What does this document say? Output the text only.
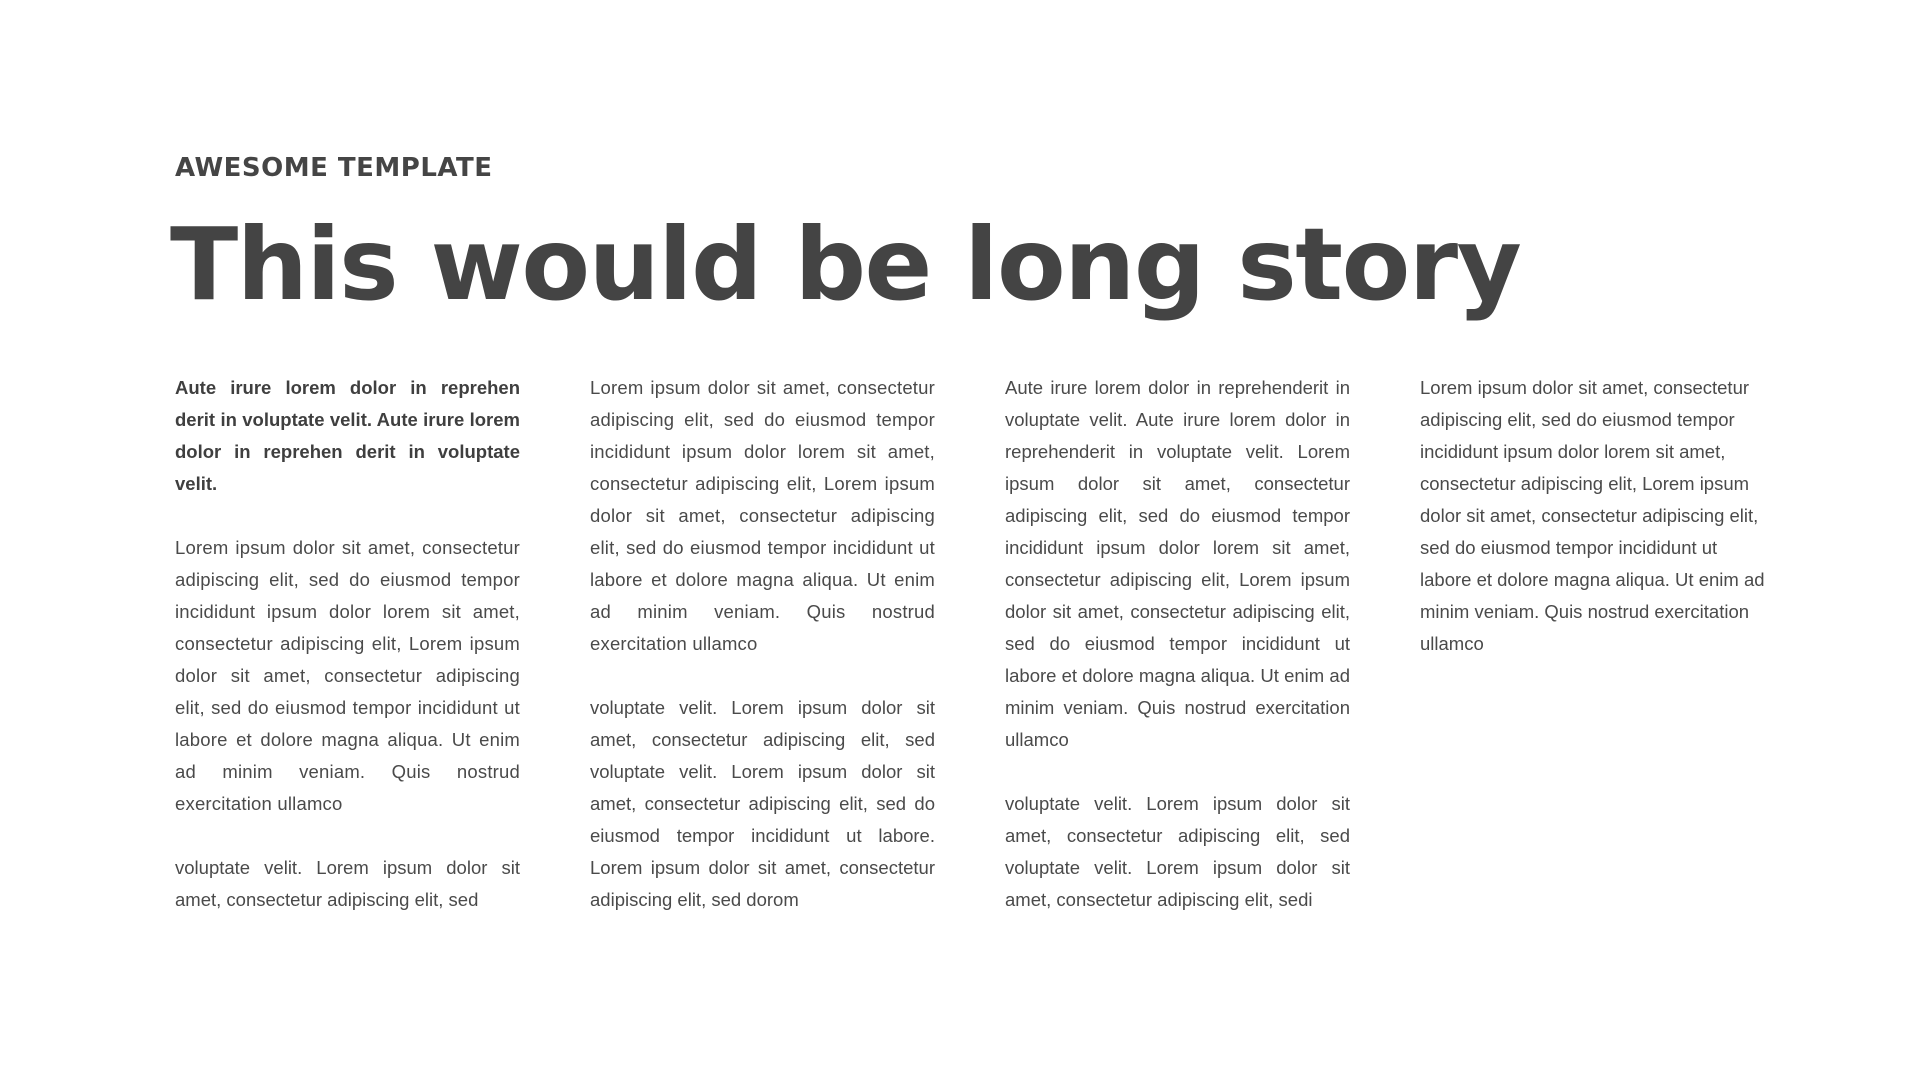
AWESOME TEMPLATE
This would be long story

Aute irure lorem dolor in reprehen derit in voluptate velit. Aute irure lorem dolor in reprehen derit in voluptate velit.

Lorem ipsum dolor sit amet, consectetur adipiscing elit, sed do eiusmod tempor incididunt ipsum dolor lorem sit amet, consectetur adipiscing elit, Lorem ipsum dolor sit amet, consectetur adipiscing elit, sed do eiusmod tempor incididunt ut labore et dolore magna aliqua. Ut enim ad minim veniam. Quis nostrud exercitation ullamco

voluptate velit. Lorem ipsum dolor sit amet, consectetur adipiscing elit, sed

Lorem ipsum dolor sit amet, consectetur adipiscing elit, sed do eiusmod tempor incididunt ipsum dolor lorem sit amet, consectetur adipiscing elit, Lorem ipsum dolor sit amet, consectetur adipiscing elit, sed do eiusmod tempor incididunt ut labore et dolore magna aliqua. Ut enim ad minim veniam. Quis nostrud exercitation ullamco

voluptate velit. Lorem ipsum dolor sit amet, consectetur adipiscing elit, sed voluptate velit. Lorem ipsum dolor sit amet, consectetur adipiscing elit, sed do eiusmod tempor incididunt ut labore. Lorem ipsum dolor sit amet, consectetur adipiscing elit, sed dorom

Aute irure lorem dolor in reprehenderit in voluptate velit. Aute irure lorem dolor in reprehenderit in voluptate velit. Lorem ipsum dolor sit amet, consectetur adipiscing elit, sed do eiusmod tempor incididunt ipsum dolor lorem sit amet, consectetur adipiscing elit, Lorem ipsum dolor sit amet, consectetur adipiscing elit, sed do eiusmod tempor incididunt ut labore et dolore magna aliqua. Ut enim ad minim veniam. Quis nostrud exercitation ullamco

voluptate velit. Lorem ipsum dolor sit amet, consectetur adipiscing elit, sed voluptate velit. Lorem ipsum dolor sit amet, consectetur adipiscing elit, sedi

Lorem ipsum dolor sit amet, consectetur adipiscing elit, sed do eiusmod tempor incididunt ipsum dolor lorem sit amet, consectetur adipiscing elit, Lorem ipsum dolor sit amet, consectetur adipiscing elit, sed do eiusmod tempor incididunt ut labore et dolore magna aliqua. Ut enim ad minim veniam. Quis nostrud exercitation ullamco
